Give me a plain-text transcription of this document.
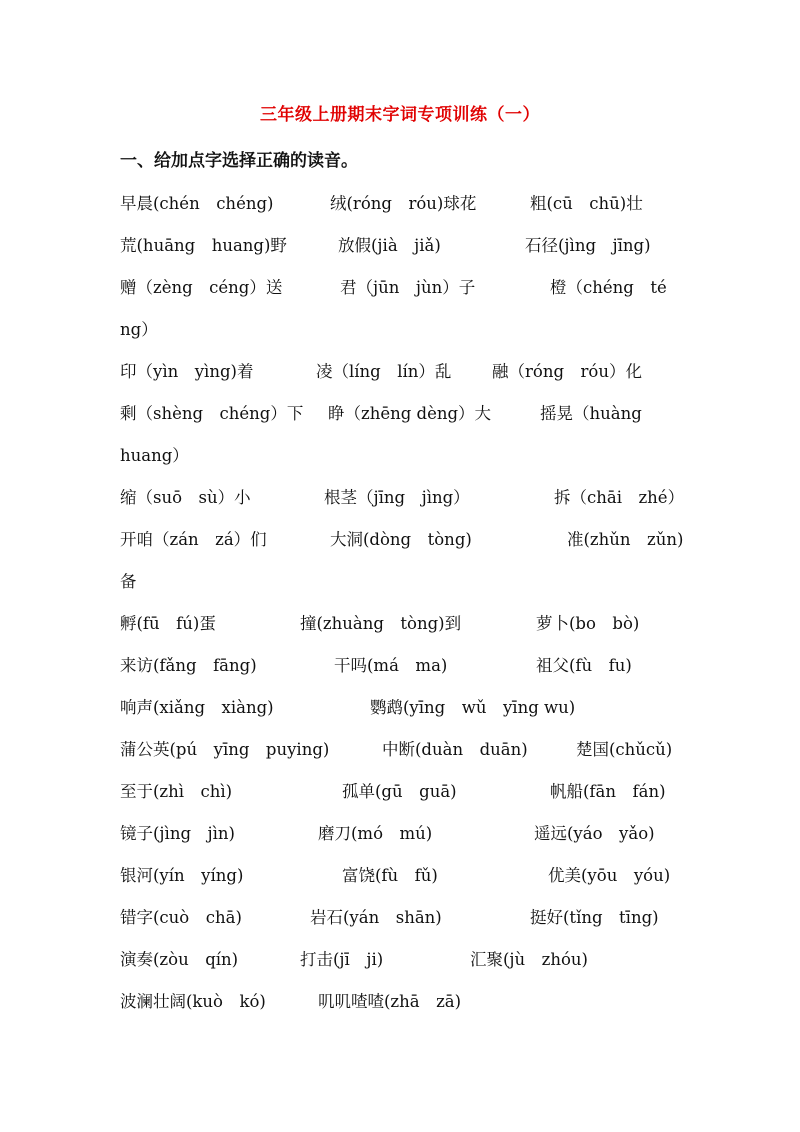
三年级上册期末字词专项训练（一）
一、给加点字选择正确的读音。
早晨(chén　chéng)	绒(róng　róu)球花	粗(cū　chū)壮
荒(huāng　huang)野	放假(jià　jiǎ)	石径(jìng　jīng)
赠（zèng　céng）送	君（jūn　jùn）子	橙（chéng　té
ng）
印（yìn　yìng)着	凌（líng　lín）乱 融（róng　róu）化
剩（shèng　chéng）下 睁（zhēng dèng）大	摇晃（huàng
huang）
缩（suō　sù）小	根茎（jīng　jìng）	拆（chāi　zhé）
开咱（zán　zá）们	大洞(dòng　tòng)	准(zhǔn　zǔn)
备
孵(fū　fú)蛋	撞(zhuàng　tòng)到	萝卜(bo　bò)
来访(fǎng　fāng)	干吗(má　ma)	祖父(fù　fu)
响声(xiǎng　xiàng)	鹦鹉(yīng　wǔ　yīng wu)
蒲公英(pú　yīng　puying)	中断(duàn　duān)	楚国(chǔcǔ)
至于(zhì　chì)	孤单(gū　guā)	帆船(fān　fán)
镜子(jìng　jìn)	磨刀(mó　mú)	遥远(yáo　yǎo)
银河(yín　yíng)	富饶(fù　fǔ)	优美(yōu　yóu)
错字(cuò　chā)	岩石(yán　shān)	挺好(tǐng　tīng)
演奏(zòu　qín)	打击(jī　ji)	汇聚(jù　zhóu)
波澜壮阔(kuò　kó)	叽叽喳喳(zhā　zā)
